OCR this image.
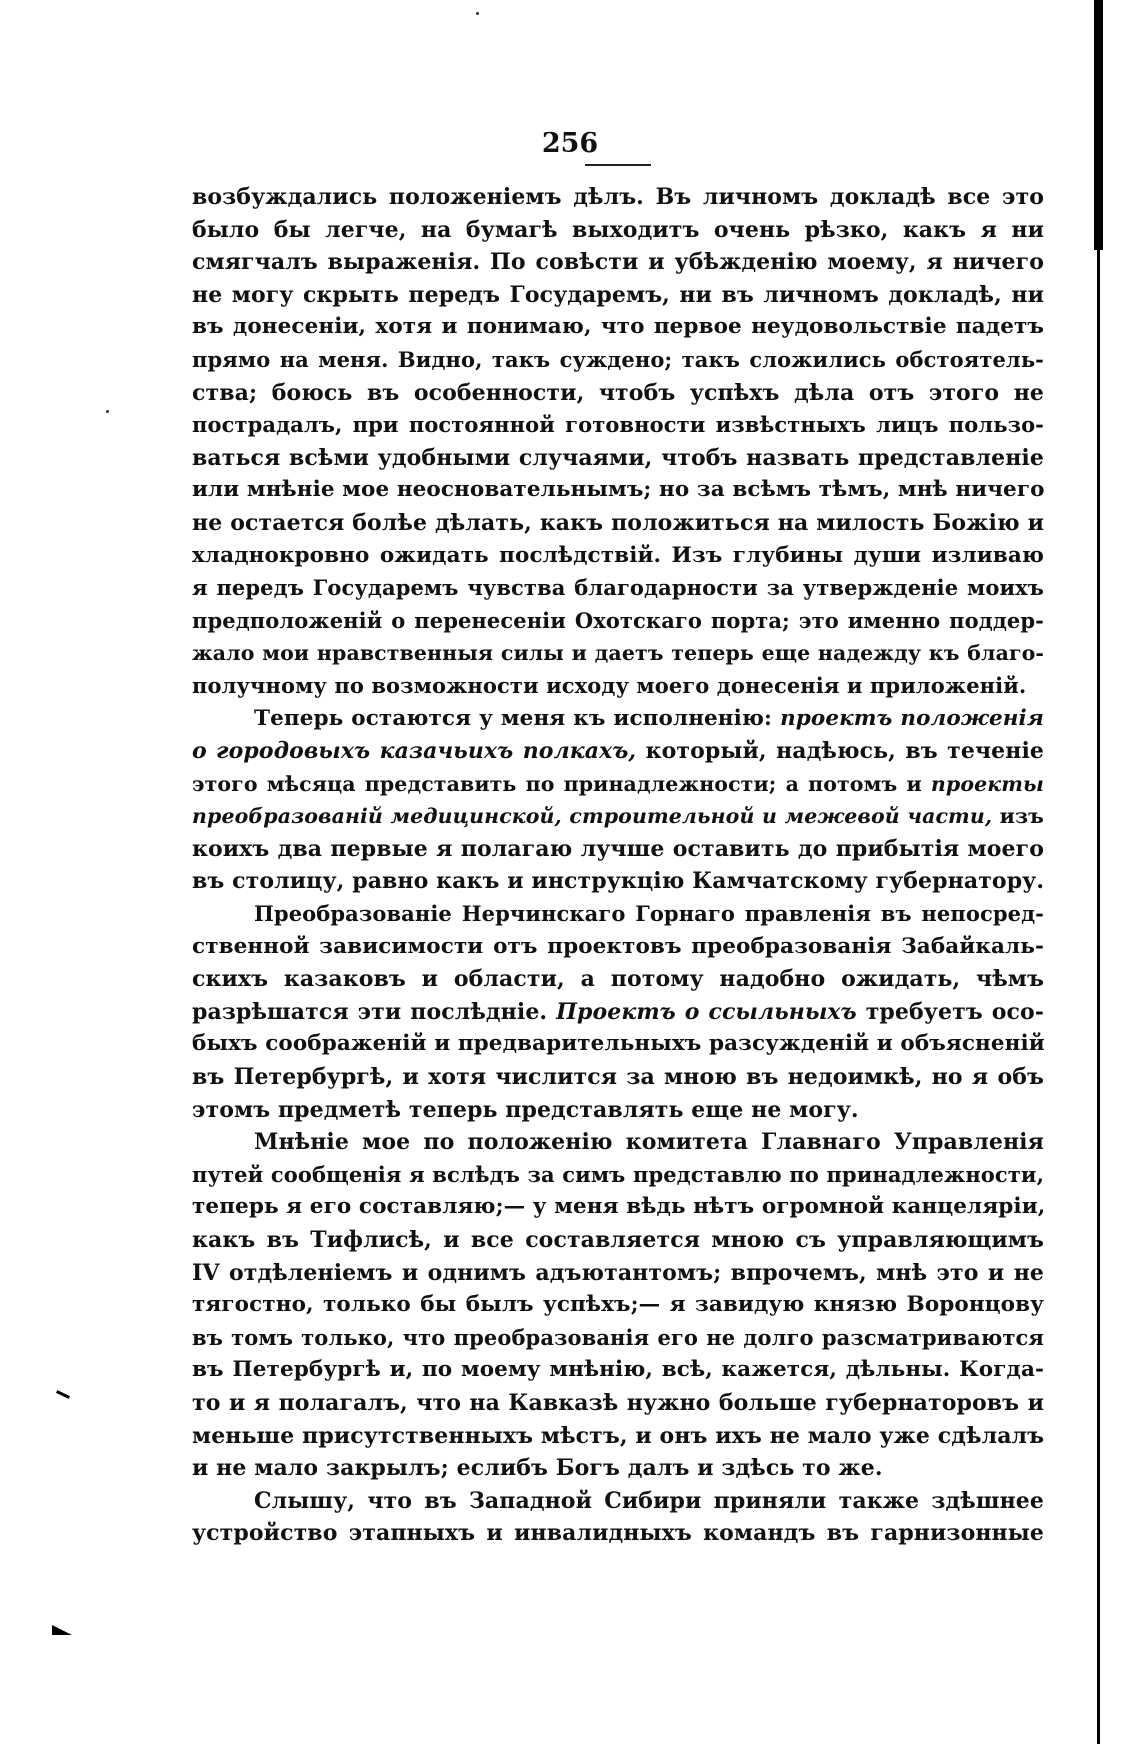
256
возбуждались положеніемъ дѣлъ. Въ личномъ докладѣ все это
было бы легче, на бумагѣ выходитъ очень рѣзко, какъ я ни
смягчалъ выраженія. По совѣсти и убѣжденію моему, я ничего
не могу скрыть передъ Государемъ, ни въ личномъ докладѣ, ни
въ донесеніи, хотя и понимаю, что первое неудовольствіе падетъ
прямо на меня. Видно, такъ суждено; такъ сложились обстоятель-
ства; боюсь въ особенности, чтобъ успѣхъ дѣла отъ этого не
пострадалъ, при постоянной готовности извѣстныхъ лицъ пользо-
ваться всѣми удобными случаями, чтобъ назвать представленіе
или мнѣніе мое неосновательнымъ; но за всѣмъ тѣмъ, мнѣ ничего
не остается болѣе дѣлать, какъ положиться на милость Божію и
хладнокровно ожидать послѣдствій. Изъ глубины души изливаю
я передъ Государемъ чувства благодарности за утвержденіе моихъ
предположеній о перенесеніи Охотскаго порта; это именно поддер-
жало мои нравственныя силы и даетъ теперь еще надежду къ благо-
получному по возможности исходу моего донесенія и приложеній.
Теперь остаются у меня къ исполненію: проектъ положенія
о городовыхъ казачьихъ полкахъ, который, надѣюсь, въ теченіе
этого мѣсяца представить по принадлежности; а потомъ и проекты
преобразованій медицинской, строительной и межевой части, изъ
коихъ два первые я полагаю лучше оставить до прибытія моего
въ столицу, равно какъ и инструкцію Камчатскому губернатору.
Преобразованіе Нерчинскаго Горнаго правленія въ непосред-
ственной зависимости отъ проектовъ преобразованія Забайкаль-
скихъ казаковъ и области, а потому надобно ожидать, чѣмъ
разрѣшатся эти послѣдніе. Проектъ о ссыльныхъ требуетъ осо-
быхъ соображеній и предварительныхъ разсужденій и объясненій
въ Петербургѣ, и хотя числится за мною въ недоимкѣ, но я объ
этомъ предметѣ теперь представлять еще не могу.
Мнѣніе мое по положенію комитета Главнаго Управленія
путей сообщенія я вслѣдъ за симъ представлю по принадлежности,
теперь я его составляю;— у меня вѣдь нѣтъ огромной канцеляріи,
какъ въ Тифлисѣ, и все составляется мною съ управляющимъ
IV отдѣленіемъ и однимъ адъютантомъ; впрочемъ, мнѣ это и не
тягостно, только бы былъ успѣхъ;— я завидую князю Воронцову
въ томъ только, что преобразованія его не долго разсматриваются
въ Петербургѣ и, по моему мнѣнію, всѣ, кажется, дѣльны. Когда-
то и я полагалъ, что на Кавказѣ нужно больше губернаторовъ и
меньше присутственныхъ мѣстъ, и онъ ихъ не мало уже сдѣлалъ
и не мало закрылъ; еслибъ Богъ далъ и здѣсь то же.
Слышу, что въ Западной Сибири приняли также здѣшнее
устройство этапныхъ и инвалидныхъ командъ въ гарнизонные
